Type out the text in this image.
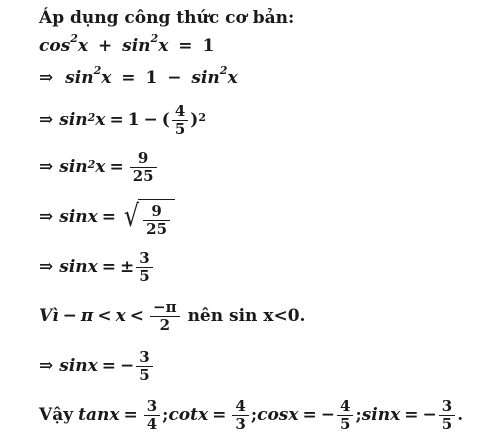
Áp dụng công thức cơ bản:
$\cos^2x + \sin^2x = 1$
⇒ $\sin^2x = 1 - \sin^2x$
⇒ $\sin^2 x = 1$ − ( $\frac{4}{5} )^2$
⇒ $\sin^2 x = \frac{9}{25}$
⇒ sinx = √ $\frac{9}{25}$
⇒ sinx = ± $\frac{3}{5}$
Vì − $\pi < x < \frac{-\pi}{2}$ nên sin x<0.
⇒ sinx = − $\frac{3}{5}$
Vậy $\tan x = \frac{3}{4}$ ; $\cot x = \frac{4}{3}$ ; cosx = − $\frac{4}{5}$ ; sinx = − $\frac{3}{5}$ .
